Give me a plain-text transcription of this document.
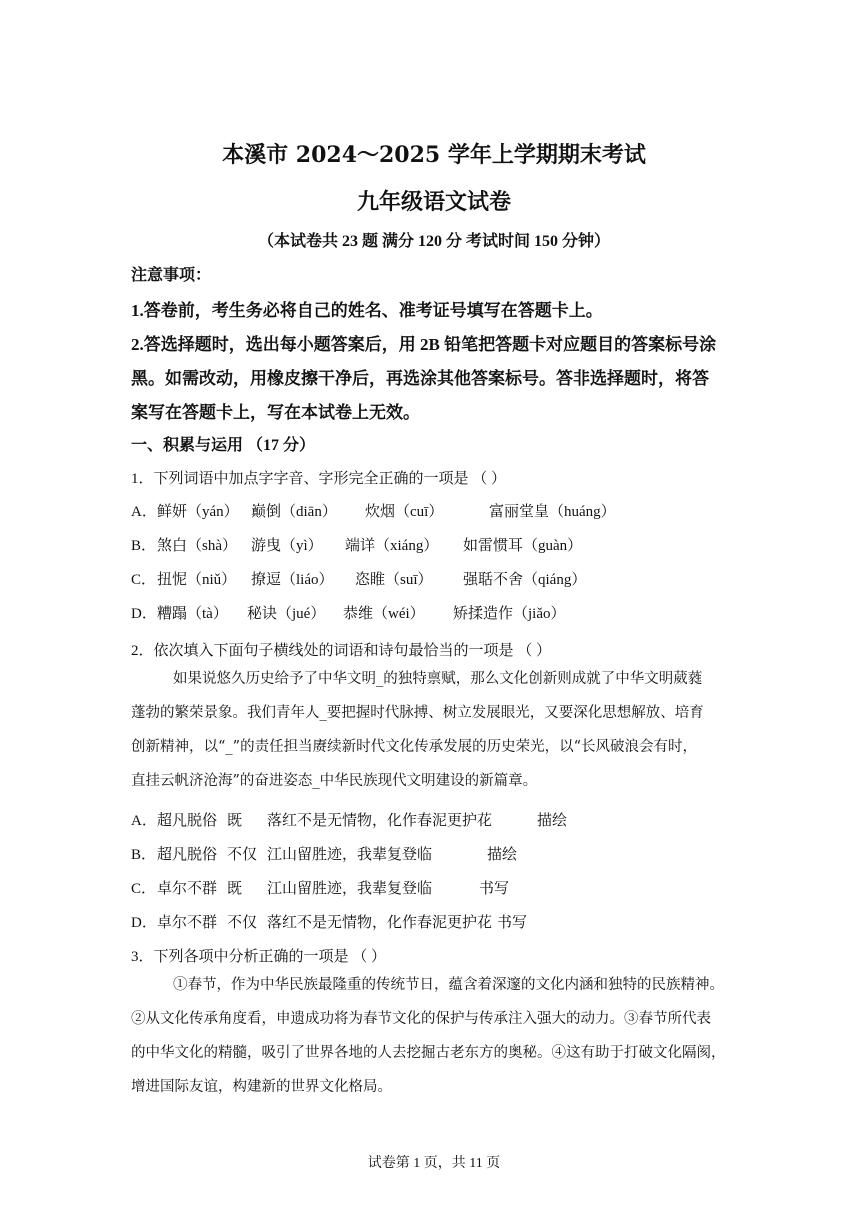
本溪市 2024～2025 学年上学期期末考试
九年级语文试卷
（本试卷共 23 题 满分 120 分 考试时间 150 分钟）
注意事项：
1.答卷前，考生务必将自己的姓名、准考证号填写在答题卡上。
2.答选择题时，选出每小题答案后，用 2B 铅笔把答题卡对应题目的答案标号涂
黑。如需改动，用橡皮擦干净后，再选涂其他答案标号。答非选择题时，将答
案写在答题卡上，写在本试卷上无效。
一、积累与运用 （17 分）
1．下列词语中加点字字音、字形完全正确的一项是 （ ）
A． 鲜妍（yán） 巅倒（diān）	炊烟（cuī）	富丽堂皇（huáng）
B． 煞白（shà） 游曳（yì）	端详（xiáng）	如雷惯耳（guàn）
C． 扭怩（niǔ） 撩逗（liáo）	恣睢（suī）	强聒不舍（qiáng）
D． 糟蹋（tà）	秘诀（jué）	恭维（wéi）	矫揉造作（jiǎo）
2．依次填入下面句子横线处的词语和诗句最恰当的一项是 （ ）
如果说悠久历史给予了中华文明_的独特禀赋，那么文化创新则成就了中华文明葳蕤
蓬勃的繁荣景象。我们青年人_要把握时代脉搏、树立发展眼光，又要深化思想解放、培育
创新精神，以“_”的责任担当赓续新时代文化传承发展的历史荣光，以“长风破浪会有时，
直挂云帆济沧海”的奋进姿态_中华民族现代文明建设的新篇章。
A． 超凡脱俗 既	落红不是无情物，化作春泥更护花	描绘
B． 超凡脱俗 不仅 江山留胜迹，我辈复登临	描绘
C． 卓尔不群 既	江山留胜迹，我辈复登临	书写
D． 卓尔不群 不仅 落红不是无情物，化作春泥更护花 书写
3．下列各项中分析正确的一项是 （ ）
①春节，作为中华民族最隆重的传统节日，蕴含着深邃的文化内涵和独特的民族精神。
②从文化传承角度看，申遗成功将为春节文化的保护与传承注入强大的动力。③春节所代表
的中华文化的精髓，吸引了世界各地的人去挖掘古老东方的奥秘。④这有助于打破文化隔阂，
增进国际友谊，构建新的世界文化格局。
试卷第 1 页，共 11 页
